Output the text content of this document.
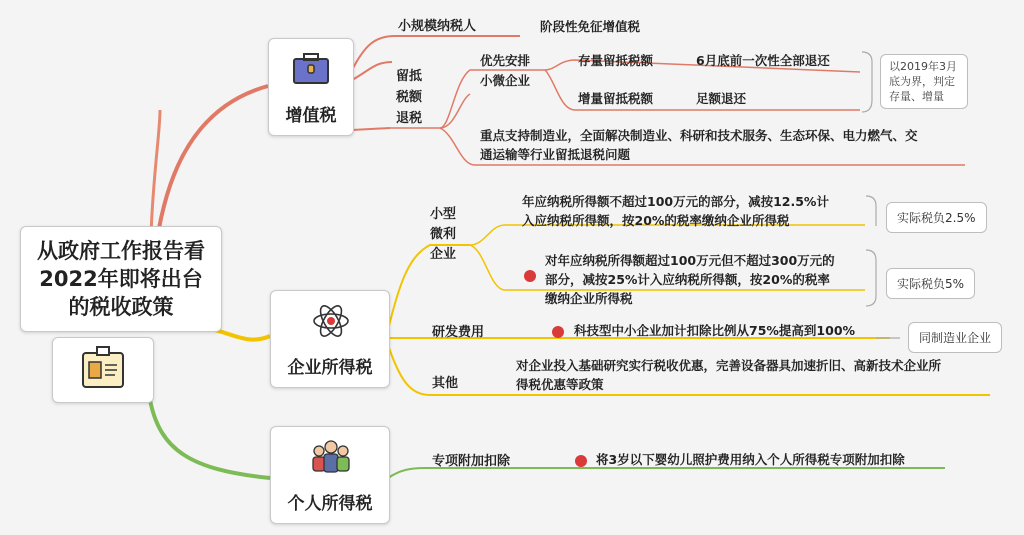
从政府工作报告看
2022年即将出台
的税收政策
增值税
小规模纳税人	阶段性免征增值税
留抵
税额
退税
优先安排
小微企业
存量留抵税额	6月底前一次性全部退还
增量留抵税额	足额退还
以2019年3月
底为界，判定
存量、增量
重点支持制造业，全面解决制造业、科研和技术服务、生态环保、电力燃气、交
通运输等行业留抵退税问题
企业所得税
小型
微利
企业
年应纳税所得额不超过100万元的部分，减按12.5%计
入应纳税所得额，按20%的税率缴纳企业所得税	实际税负2.5%
对年应纳税所得额超过100万元但不超过300万元的
部分，减按25%计入应纳税所得额，按20%的税率
缴纳企业所得税
实际税负5%
研发费用	科技型中小企业加计扣除比例从75%提高到100%	同制造业企业
其他
对企业投入基础研究实行税收优惠，完善设备器具加速折旧、高新技术企业所
得税优惠等政策
个人所得税
专项附加扣除	将3岁以下婴幼儿照护费用纳入个人所得税专项附加扣除
